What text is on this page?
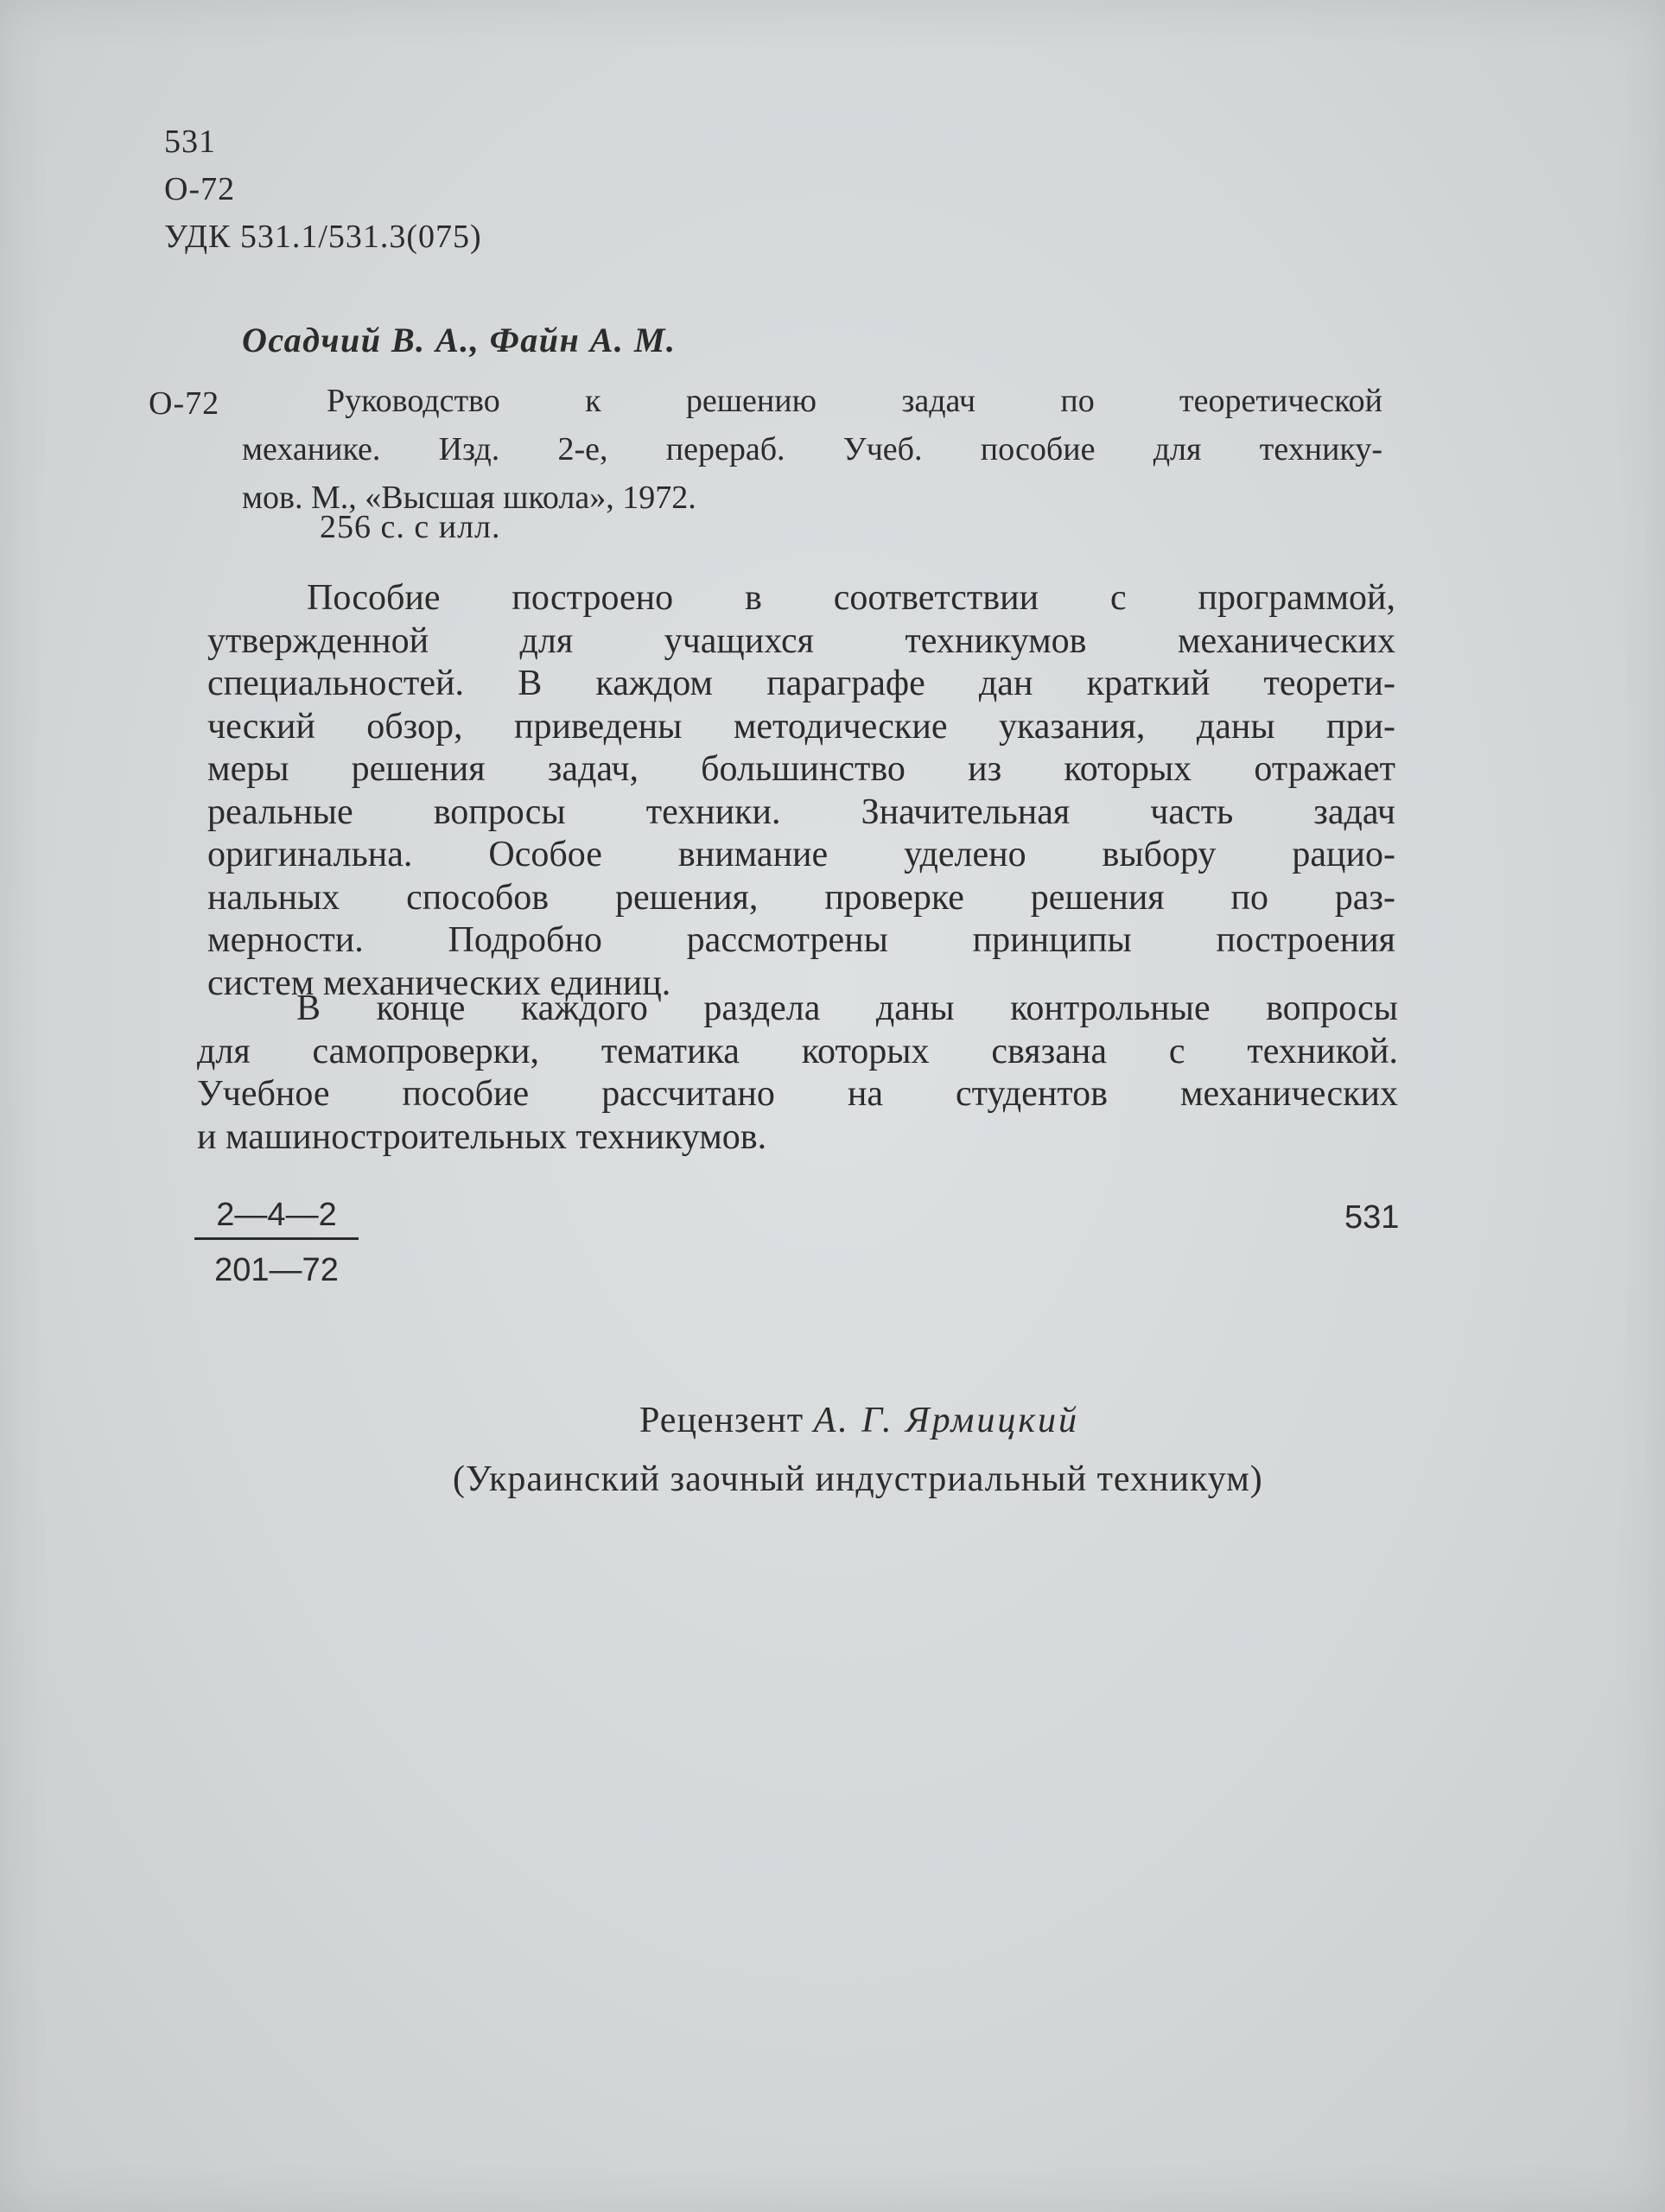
531
О-72
УДК 531.1/531.3(075)
Осадчий В. А., Файн А. М.
О-72	Руководство к решению задач по теоретической
механике. Изд. 2-е, перераб. Учеб. пособие для технику-
мов. М., «Высшая школа», 1972.
256 с. с илл.
Пособие построено в соответствии с программой,
утвержденной для учащихся техникумов механических
специальностей. В каждом параграфе дан краткий теорети-
ческий обзор, приведены методические указания, даны при-
меры решения задач, большинство из которых отражает
реальные вопросы техники. Значительная часть задач
оригинальна. Особое внимание уделено выбору рацио-
нальных способов решения, проверке решения по раз-
мерности. Подробно рассмотрены принципы построения
систем механических единиц.
В конце каждого раздела даны контрольные вопросы
для самопроверки, тематика которых связана с техникой.
Учебное пособие рассчитано на студентов механических
и машиностроительных техникумов.
2—4—2
201—72
531
Рецензент А. Г. Ярмицкий
(Украинский заочный индустриальный техникум)
